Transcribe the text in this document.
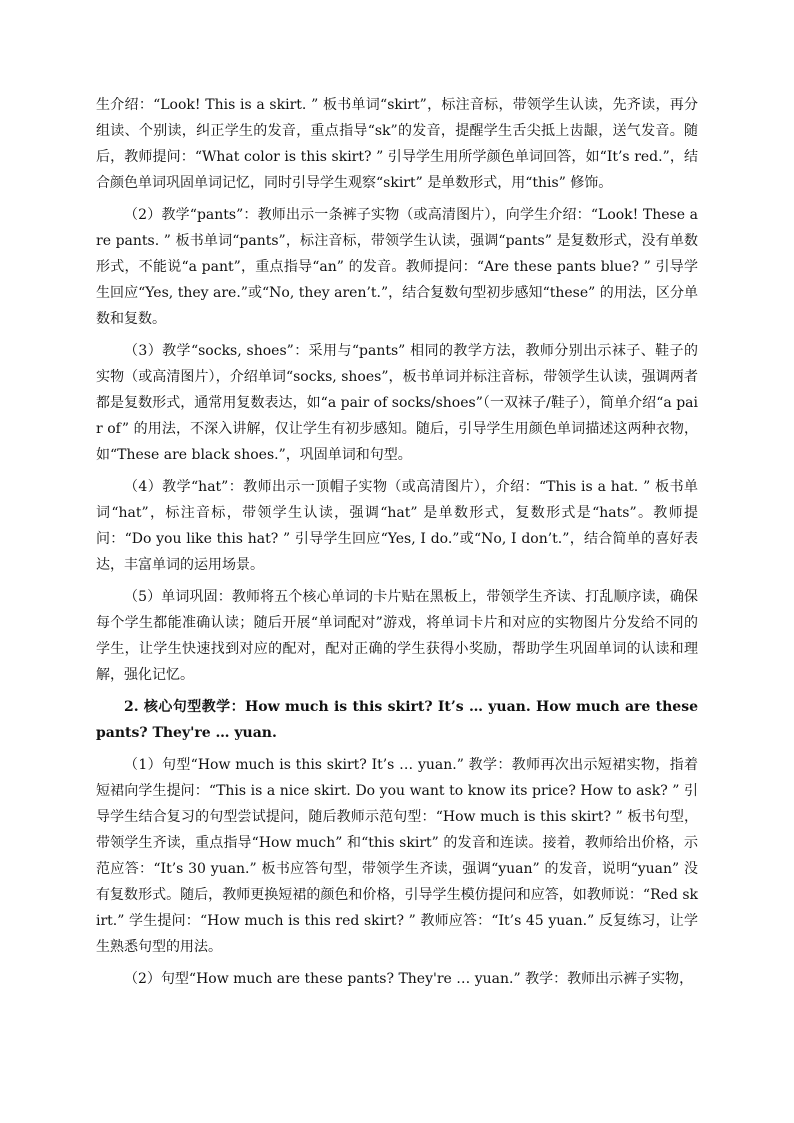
生介绍：“Look! This is a skirt. ” 板书单词“skirt”，标注音标，带领学生认读，先齐读，再分组读、个别读，纠正学生的发音，重点指导“sk”的发音，提醒学生舌尖抵上齿龈，送气发音。随后，教师提问：“What color is this skirt? ” 引导学生用所学颜色单词回答，如“It’s red.”，结合颜色单词巩固单词记忆，同时引导学生观察“skirt” 是单数形式，用“this” 修饰。

（2）教学“pants”：教师出示一条裤子实物（或高清图片），向学生介绍：“Look! These are pants. ” 板书单词“pants”，标注音标，带领学生认读，强调“pants” 是复数形式，没有单数形式，不能说“a pant”，重点指导“an” 的发音。教师提问：“Are these pants blue? ” 引导学生回应“Yes, they are.”或“No, they aren’t.”，结合复数句型初步感知“these” 的用法，区分单数和复数。

（3）教学“socks, shoes”：采用与“pants” 相同的教学方法，教师分别出示袜子、鞋子的实物（或高清图片），介绍单词“socks, shoes”，板书单词并标注音标，带领学生认读，强调两者都是复数形式，通常用复数表达，如“a pair of socks/shoes”（一双袜子/鞋子），简单介绍“a pair of” 的用法，不深入讲解，仅让学生有初步感知。随后，引导学生用颜色单词描述这两种衣物，如“These are black shoes.”，巩固单词和句型。

（4）教学“hat”：教师出示一顶帽子实物（或高清图片），介绍：“This is a hat. ” 板书单词“hat”，标注音标，带领学生认读，强调“hat” 是单数形式，复数形式是“hats”。教师提问：“Do you like this hat? ” 引导学生回应“Yes, I do.”或“No, I don’t.”，结合简单的喜好表达，丰富单词的运用场景。

（5）单词巩固：教师将五个核心单词的卡片贴在黑板上，带领学生齐读、打乱顺序读，确保每个学生都能准确认读；随后开展“单词配对”游戏，将单词卡片和对应的实物图片分发给不同的学生，让学生快速找到对应的配对，配对正确的学生获得小奖励，帮助学生巩固单词的认读和理解，强化记忆。

2. 核心句型教学：How much is this skirt? It’s … yuan. How much are these pants? They're … yuan.

（1）句型“How much is this skirt? It’s … yuan.” 教学：教师再次出示短裙实物，指着短裙向学生提问：“This is a nice skirt. Do you want to know its price? How to ask? ” 引导学生结合复习的句型尝试提问，随后教师示范句型：“How much is this skirt? ” 板书句型，带领学生齐读，重点指导“How much” 和“this skirt” 的发音和连读。接着，教师给出价格，示范应答：“It’s 30 yuan.” 板书应答句型，带领学生齐读，强调“yuan” 的发音，说明“yuan” 没有复数形式。随后，教师更换短裙的颜色和价格，引导学生模仿提问和应答，如教师说：“Red skirt.” 学生提问：“How much is this red skirt? ” 教师应答：“It’s 45 yuan.” 反复练习，让学生熟悉句型的用法。

（2）句型“How much are these pants? They're … yuan.” 教学：教师出示裤子实物，
